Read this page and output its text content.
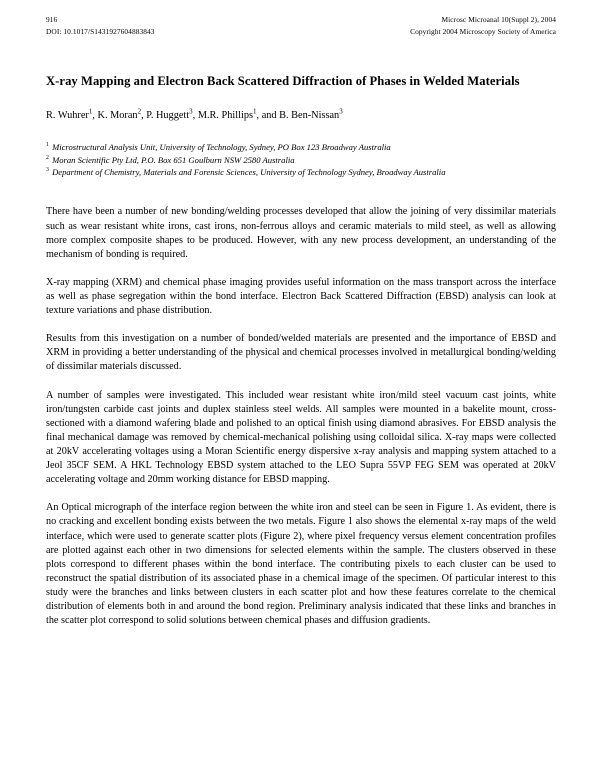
916
DOI: 10.1017/S1431927604883843
Microsc Microanal 10(Suppl 2), 2004
Copyright 2004 Microscopy Society of America
X-ray Mapping and Electron Back Scattered Diffraction of Phases in Welded Materials
R. Wuhrer$^1$, K. Moran$^2$, P. Huggett$^3$, M.R. Phillips$^1$, and B. Ben-Nissan$^3$
$^1$ Microstructural Analysis Unit, University of Technology, Sydney, PO Box 123 Broadway Australia
$^2$ Moran Scientific Pty Ltd, P.O. Box 651 Goulburn NSW 2580 Australia
$^3$ Department of Chemistry, Materials and Forensic Sciences, University of Technology Sydney, Broadway Australia

There have been a number of new bonding/welding processes developed that allow the joining of very dissimilar materials such as wear resistant white irons, cast irons, non-ferrous alloys and ceramic materials to mild steel, as well as allowing more complex composite shapes to be produced. However, with any new process development, an understanding of the mechanism of bonding is required.

X-ray mapping (XRM) and chemical phase imaging provides useful information on the mass transport across the interface as well as phase segregation within the bond interface. Electron Back Scattered Diffraction (EBSD) analysis can look at texture variations and phase distribution.

Results from this investigation on a number of bonded/welded materials are presented and the importance of EBSD and XRM in providing a better understanding of the physical and chemical processes involved in metallurgical bonding/welding of dissimilar materials discussed.

A number of samples were investigated. This included wear resistant white iron/mild steel vacuum cast joints, white iron/tungsten carbide cast joints and duplex stainless steel welds. All samples were mounted in a bakelite mount, cross-sectioned with a diamond wafering blade and polished to an optical finish using diamond abrasives. For EBSD analysis the final mechanical damage was removed by chemical-mechanical polishing using colloidal silica. X-ray maps were collected at 20kV accelerating voltages using a Moran Scientific energy dispersive x-ray analysis and mapping system attached to a Jeol 35CF SEM. A HKL Technology EBSD system attached to the LEO Supra 55VP FEG SEM was operated at 20kV accelerating voltage and 20mm working distance for EBSD mapping.

An Optical micrograph of the interface region between the white iron and steel can be seen in Figure 1. As evident, there is no cracking and excellent bonding exists between the two metals. Figure 1 also shows the elemental x-ray maps of the weld interface, which were used to generate scatter plots (Figure 2), where pixel frequency versus element concentration profiles are plotted against each other in two dimensions for selected elements within the sample. The clusters observed in these plots correspond to different phases within the bond interface. The contributing pixels to each cluster can be used to reconstruct the spatial distribution of its associated phase in a chemical image of the specimen. Of particular interest to this study were the branches and links between clusters in each scatter plot and how these features correlate to the chemical distribution of elements both in and around the bond region. Preliminary analysis indicated that these links and branches in the scatter plot correspond to solid solutions between chemical phases and diffusion gradients.
